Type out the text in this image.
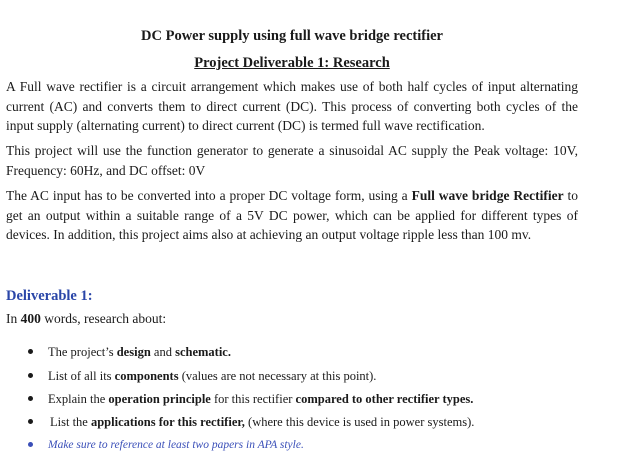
DC Power supply using full wave bridge rectifier
Project Deliverable 1: Research

A Full wave rectifier is a circuit arrangement which makes use of both half cycles of input alternating current (AC) and converts them to direct current (DC). This process of converting both cycles of the input supply (alternating current) to direct current (DC) is termed full wave rectification.

This project will use the function generator to generate a sinusoidal AC supply the Peak voltage: 10V, Frequency: 60Hz, and DC offset: 0V

The AC input has to be converted into a proper DC voltage form, using a Full wave bridge Rectifier to get an output within a suitable range of a 5V DC power, which can be applied for different types of devices. In addition, this project aims also at achieving an output voltage ripple less than 100 mv.

Deliverable 1:
In 400 words, research about:
The project’s design and schematic.
List of all its components (values are not necessary at this point).
Explain the operation principle for this rectifier compared to other rectifier types.
List the applications for this rectifier, (where this device is used in power systems).
Make sure to reference at least two papers in APA style.
